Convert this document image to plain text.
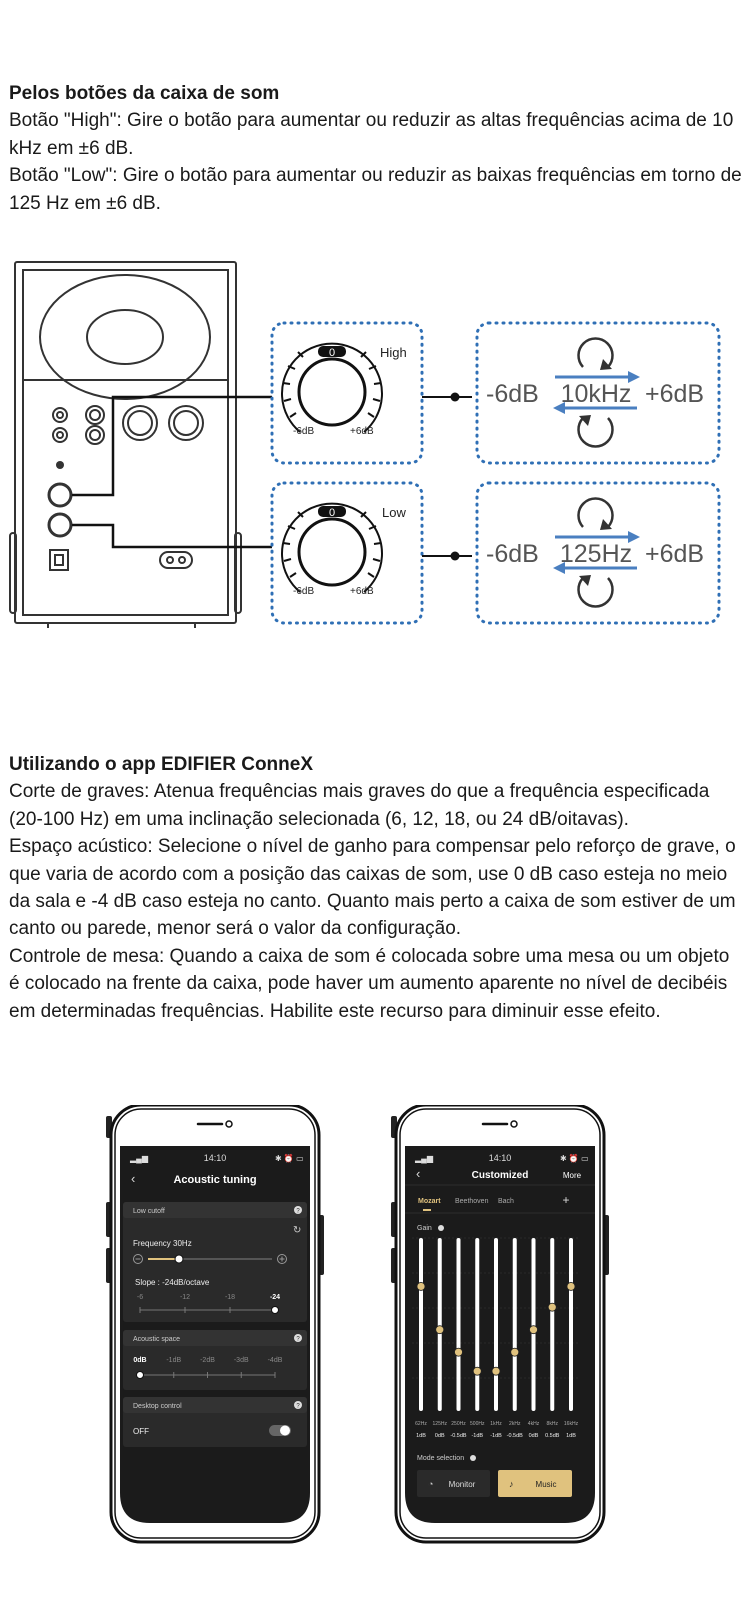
Pelos botões da caixa de som

Botão "High": Gire o botão para aumentar ou reduzir as altas frequências acima de 10 kHz em ±6 dB.

Botão "Low": Gire o botão para aumentar ou reduzir as baixas frequências em torno de 125 Hz em ±6 dB.

0	High
-6dB	+6dB
-6dB 10kHz +6dB
0	Low
-6dB	+6dB
-6dB 125Hz +6dB
Utilizando o app EDIFIER ConneX

Corte de graves: Atenua frequências mais graves do que a frequência especificada (20-100 Hz) em uma inclinação selecionada (6, 12, 18, ou 24 dB/oitavas).

Espaço acústico: Selecione o nível de ganho para compensar pelo reforço de grave, o que varia de acordo com a posição das caixas de som, use 0 dB caso esteja no meio da sala e -4 dB caso esteja no canto. Quanto mais perto a caixa de som estiver de um canto ou parede, menor será o valor da configuração.

Controle de mesa: Quando a caixa de som é colocada sobre uma mesa ou um objeto é colocado na frente da caixa, pode haver um aumento aparente no nível de decibéis em determinadas frequências. Habilite este recurso para diminuir esse efeito.

▂▄▆	14:10	✱ ⏰ ▭
‹	Acoustic tuning
Low cutoff	?
↻
Frequency 30Hz
Slope : -24dB/octave
-6	-12	-18	-24
Acoustic space	?
0dB	-1dB	-2dB	-3dB	-4dB
Desktop control	?
OFF
▂▄▆	14:10	✱ ⏰ ▭
‹	Customized	More
Mozart Beethoven Bach	+
Gain
62Hz
1dB
125Hz
0dB
250Hz
-0.5dB
500Hz
-1dB
1kHz
-1dB
2kHz
-0.5dB
4kHz
0dB
8kHz
0.5dB
16kHz
1dB
Mode selection
◔ Monitor	♪	Music
